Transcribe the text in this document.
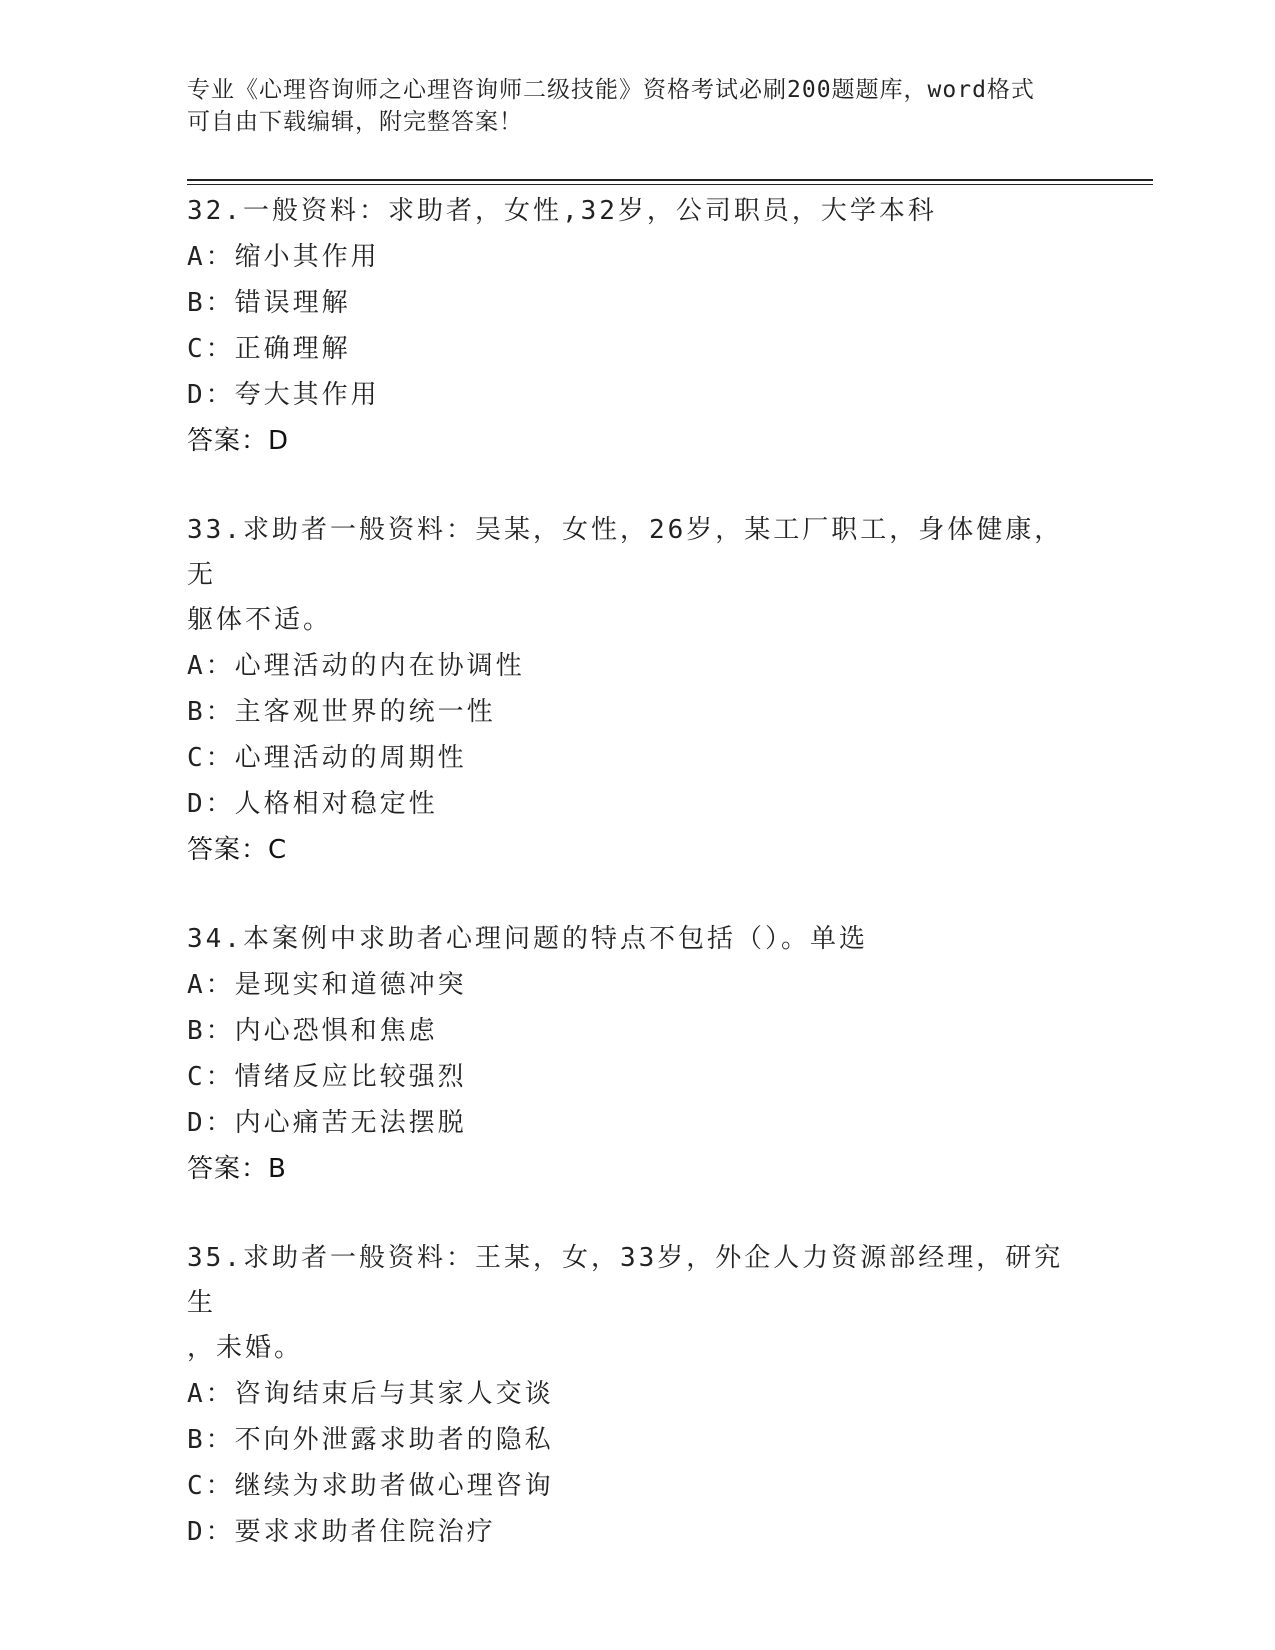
专业《心理咨询师之心理咨询师二级技能》资格考试必刷200题题库，word格式
可自由下载编辑，附完整答案！

32.一般资料：求助者，女性,32岁，公司职员，大学本科

A：缩小其作用

B：错误理解

C：正确理解

D：夸大其作用

答案：D

33.求助者一般资料：吴某，女性，26岁，某工厂职工，身体健康，无

躯体不适。

A：心理活动的内在协调性

B：主客观世界的统一性

C：心理活动的周期性

D：人格相对稳定性

答案：C

34.本案例中求助者心理问题的特点不包括（）。单选

A：是现实和道德冲突

B：内心恐惧和焦虑

C：情绪反应比较强烈

D：内心痛苦无法摆脱

答案：B

35.求助者一般资料：王某，女，33岁，外企人力资源部经理，研究生

，未婚。

A：咨询结束后与其家人交谈

B：不向外泄露求助者的隐私

C：继续为求助者做心理咨询

D：要求求助者住院治疗
